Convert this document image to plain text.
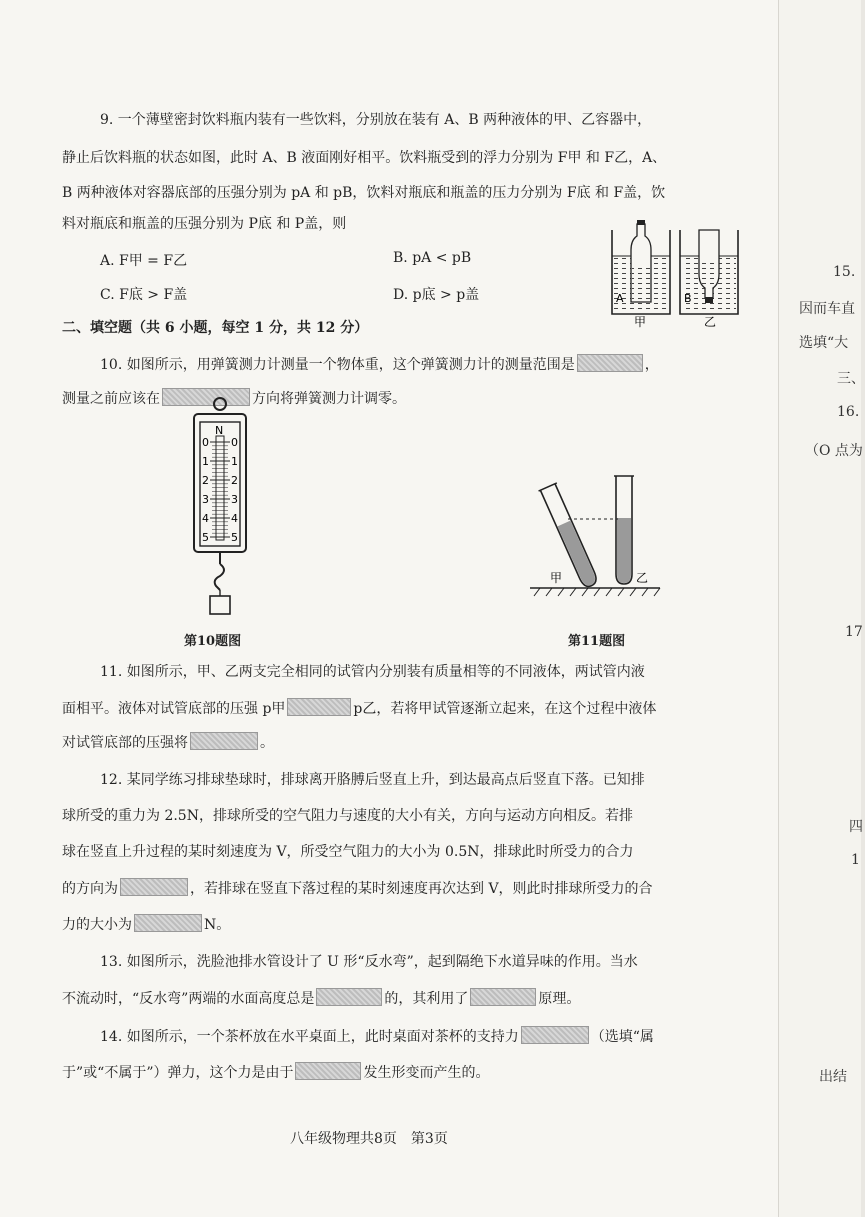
9. 一个薄壁密封饮料瓶内装有一些饮料，分别放在装有 A、B 两种液体的甲、乙容器中，
静止后饮料瓶的状态如图，此时 A、B 液面刚好相平。饮料瓶受到的浮力分别为 F甲 和 F乙，A、
B 两种液体对容器底部的压强分别为 pA 和 pB，饮料对瓶底和瓶盖的压力分别为 F底 和 F盖，饮
料对瓶底和瓶盖的压强分别为 P底 和 P盖，则
A. F甲 = F乙	B. pA < pB
C. F底 > F盖	D. p底 > p盖	A	B
甲	乙
二、填空题（共 6 小题，每空 1 分，共 12 分）
10. 如图所示，用弹簧测力计测量一个物体重，这个弹簧测力计的测量范围是	，
测量之前应该在	方向将弹簧测力计调零。
N
0 0
1 1
2 2
3 3
4 4
5 5
第10题图
甲	乙
第11题图
11. 如图所示，甲、乙两支完全相同的试管内分别装有质量相等的不同液体，两试管内液
面相平。液体对试管底部的压强 p甲	p乙，若将甲试管逐渐立起来，在这个过程中液体
对试管底部的压强将	。
12. 某同学练习排球垫球时，排球离开胳膊后竖直上升，到达最高点后竖直下落。已知排
球所受的重力为 2.5N，排球所受的空气阻力与速度的大小有关，方向与运动方向相反。若排
球在竖直上升过程的某时刻速度为 V，所受空气阻力的大小为 0.5N，排球此时所受力的合力
的方向为	，若排球在竖直下落过程的某时刻速度再次达到 V，则此时排球所受力的合
力的大小为	N。
13. 如图所示，洗脸池排水管设计了 U 形“反水弯”，起到隔绝下水道异味的作用。当水
不流动时，“反水弯”两端的水面高度总是	的，其利用了	原理。
14. 如图所示，一个茶杯放在水平桌面上，此时桌面对茶杯的支持力	（选填“属
于”或“不属于”）弹力，这个力是由于	发生形变而产生的。
八年级物理共8页　第3页
15.
因而车直
选填“大
三、
16.
（O 点为
17
四
1
出结
